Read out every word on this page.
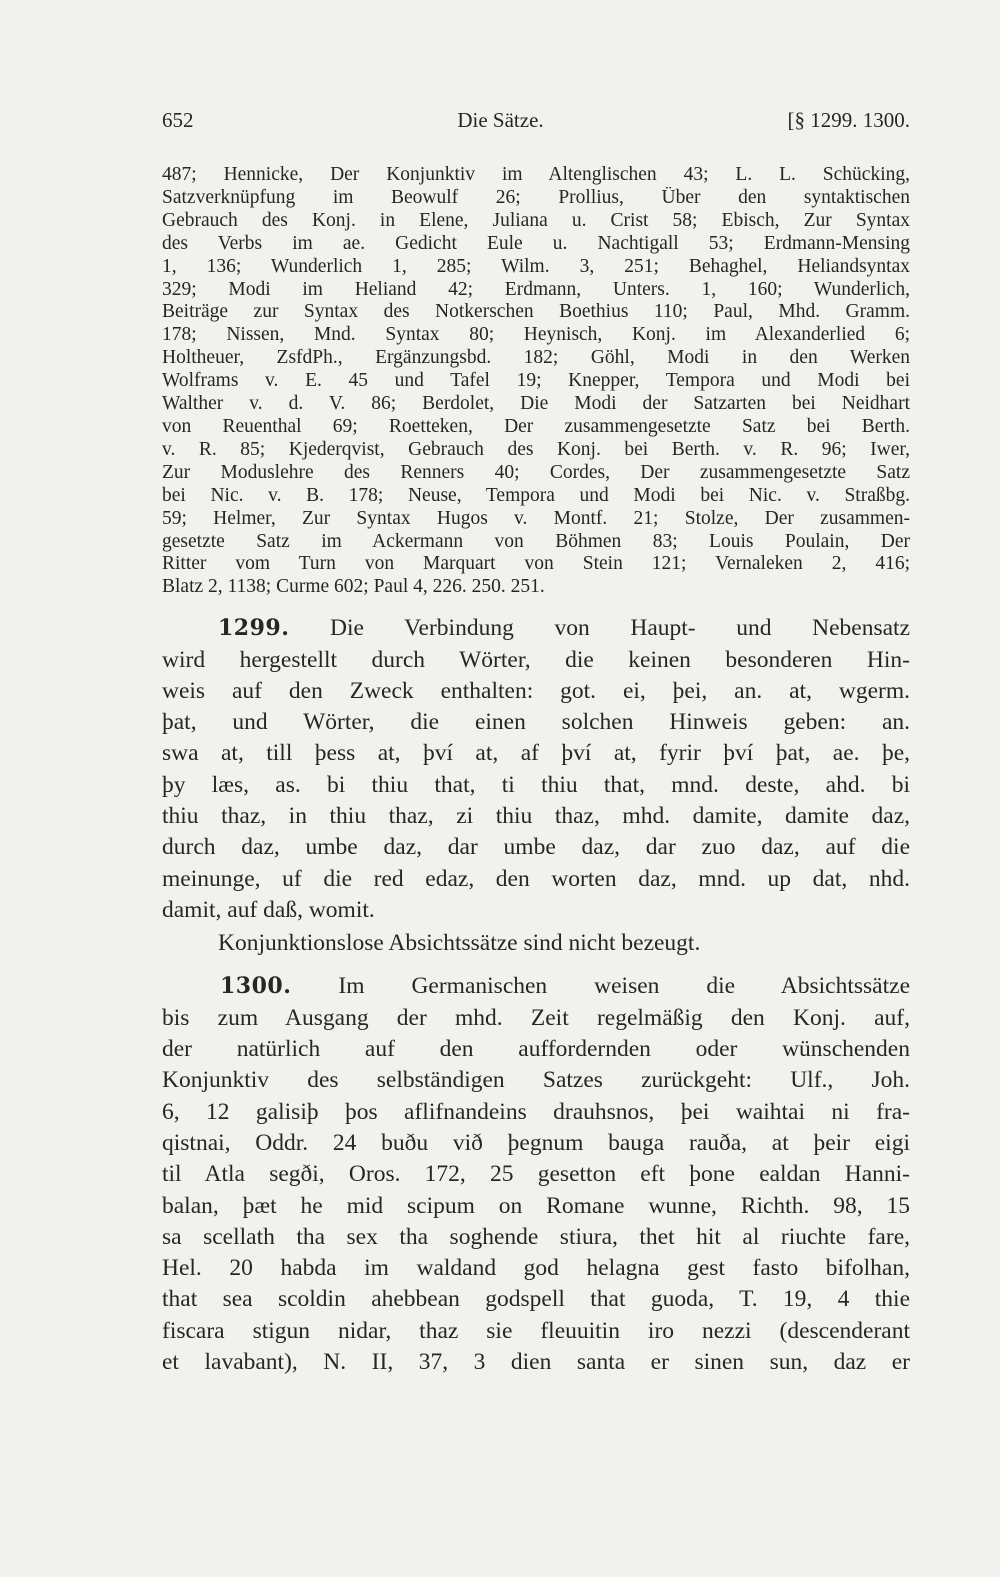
652	Die Sätze.	[§ 1299. 1300.
487; Hennicke, Der Konjunktiv im Altenglischen 43; L. L. Schücking,
Satzverknüpfung im Beowulf 26; Prollius, Über den syntaktischen
Gebrauch des Konj. in Elene, Juliana u. Crist 58; Ebisch, Zur Syntax
des Verbs im ae. Gedicht Eule u. Nachtigall 53; Erdmann-Mensing
1, 136; Wunderlich 1, 285; Wilm. 3, 251; Behaghel, Heliandsyntax
329; Modi im Heliand 42; Erdmann, Unters. 1, 160; Wunderlich,
Beiträge zur Syntax des Notkerschen Boethius 110; Paul, Mhd. Gramm.
178; Nissen, Mnd. Syntax 80; Heynisch, Konj. im Alexanderlied 6;
Holtheuer, ZsfdPh., Ergänzungsbd. 182; Göhl, Modi in den Werken
Wolframs v. E. 45 und Tafel 19; Knepper, Tempora und Modi bei
Walther v. d. V. 86; Berdolet, Die Modi der Satzarten bei Neidhart
von Reuenthal 69; Roetteken, Der zusammengesetzte Satz bei Berth.
v. R. 85; Kjederqvist, Gebrauch des Konj. bei Berth. v. R. 96; Iwer,
Zur Moduslehre des Renners 40; Cordes, Der zusammengesetzte Satz
bei Nic. v. B. 178; Neuse, Tempora und Modi bei Nic. v. Straßbg.
59; Helmer, Zur Syntax Hugos v. Montf. 21; Stolze, Der zusammen-
gesetzte Satz im Ackermann von Böhmen 83; Louis Poulain, Der
Ritter vom Turn von Marquart von Stein 121; Vernaleken 2, 416;
Blatz 2, 1138; Curme 602; Paul 4, 226. 250. 251.
1299. Die Verbindung von Haupt- und Nebensatz
wird hergestellt durch Wörter, die keinen besonderen Hin-
weis auf den Zweck enthalten: got. ei, þei, an. at, wgerm.
þat, und Wörter, die einen solchen Hinweis geben: an.
swa at, till þess at, því at, af því at, fyrir því þat, ae. þe,
þy læs, as. bi thiu that, ti thiu that, mnd. deste, ahd. bi
thiu thaz, in thiu thaz, zi thiu thaz, mhd. damite, damite daz,
durch daz, umbe daz, dar umbe daz, dar zuo daz, auf die
meinunge, uf die red edaz, den worten daz, mnd. up dat, nhd.
damit, auf daß, womit.
Konjunktionslose Absichtssätze sind nicht bezeugt.
1300. Im Germanischen weisen die Absichtssätze
bis zum Ausgang der mhd. Zeit regelmäßig den Konj. auf,
der natürlich auf den auffordernden oder wünschenden
Konjunktiv des selbständigen Satzes zurückgeht: Ulf., Joh.
6, 12 galisiþ þos aflifnandeins drauhsnos, þei waihtai ni fra-
qistnai, Oddr. 24 buðu við þegnum bauga rauða, at þeir eigi
til Atla segði, Oros. 172, 25 gesetton eft þone ealdan Hanni-
balan, þæt he mid scipum on Romane wunne, Richth. 98, 15
sa scellath tha sex tha soghende stiura, thet hit al riuchte fare,
Hel. 20 habda im waldand god helagna gest fasto bifolhan,
that sea scoldin ahebbean godspell that guoda, T. 19, 4 thie
fiscara stigun nidar, thaz sie fleuuitin iro nezzi (descenderant
et lavabant), N. II, 37, 3 dien santa er sinen sun, daz er
